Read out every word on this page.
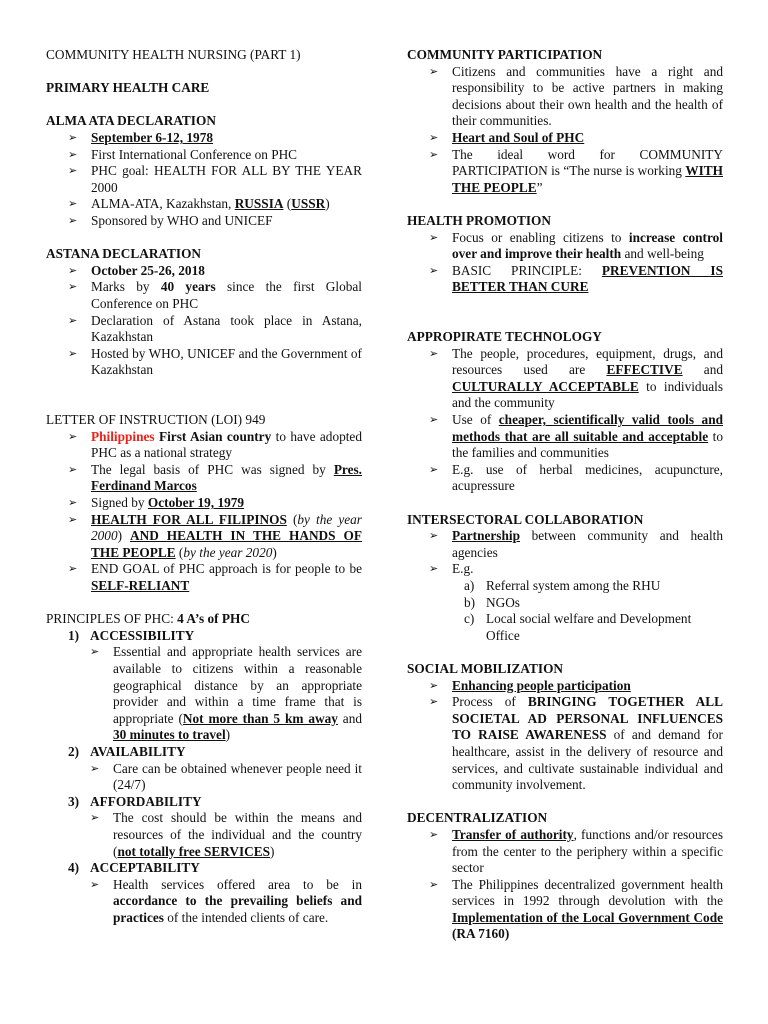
COMMUNITY HEALTH NURSING (PART 1)
PRIMARY HEALTH CARE
ALMA ATA DECLARATION
➢ September 6-12, 1978
➢ First International Conference on PHC
➢ PHC goal: HEALTH FOR ALL BY THE YEAR 2000
➢ ALMA-ATA, Kazakhstan, RUSSIA (USSR)
➢ Sponsored by WHO and UNICEF
ASTANA DECLARATION
➢ October 25-26, 2018
➢ Marks by 40 years since the first Global Conference on PHC
➢ Declaration of Astana took place in Astana, Kazakhstan
➢ Hosted by WHO, UNICEF and the Government of Kazakhstan
LETTER OF INSTRUCTION (LOI) 949
➢ Philippines First Asian country to have adopted PHC as a national strategy
➢ The legal basis of PHC was signed by Pres. Ferdinand Marcos
➢ Signed by October 19, 1979
➢ HEALTH FOR ALL FILIPINOS (by the year 2000) AND HEALTH IN THE HANDS OF THE PEOPLE (by the year 2020)
➢ END GOAL of PHC approach is for people to be SELF-RELIANT
PRINCIPLES OF PHC: 4 A’s of PHC
1) ACCESSIBILITY
➢ Essential and appropriate health services are available to citizens within a reasonable geographical distance by an appropriate provider and within a time frame that is appropriate (Not more than 5 km away and 30 minutes to travel)
2) AVAILABILITY
➢ Care can be obtained whenever people need it (24/7)
3) AFFORDABILITY
➢ The cost should be within the means and resources of the individual and the country (not totally free SERVICES)
4) ACCEPTABILITY
➢ Health services offered area to be in accordance to the prevailing beliefs and practices of the intended clients of care.
COMMUNITY PARTICIPATION
➢ Citizens and communities have a right and responsibility to be active partners in making decisions about their own health and the health of their communities.
➢ Heart and Soul of PHC
➢ The ideal word for COMMUNITY PARTICIPATION is “The nurse is working WITH THE PEOPLE”
HEALTH PROMOTION
➢ Focus or enabling citizens to increase control over and improve their health and well-being
➢ BASIC PRINCIPLE: PREVENTION IS BETTER THAN CURE
APPROPIRATE TECHNOLOGY
➢ The people, procedures, equipment, drugs, and resources used are EFFECTIVE and CULTURALLY ACCEPTABLE to individuals and the community
➢ Use of cheaper, scientifically valid tools and methods that are all suitable and acceptable to the families and communities
➢ E.g. use of herbal medicines, acupuncture, acupressure
INTERSECTORAL COLLABORATION
➢ Partnership between community and health agencies
➢ E.g.
a) Referral system among the RHU
b) NGOs
c) Local social welfare and Development Office
SOCIAL MOBILIZATION
➢ Enhancing people participation
➢ Process of BRINGING TOGETHER ALL SOCIETAL AD PERSONAL INFLUENCES TO RAISE AWARENESS of and demand for healthcare, assist in the delivery of resource and services, and cultivate sustainable individual and community involvement.
DECENTRALIZATION
➢ Transfer of authority, functions and/or resources from the center to the periphery within a specific sector
➢ The Philippines decentralized government health services in 1992 through devolution with the Implementation of the Local Government Code (RA 7160)
